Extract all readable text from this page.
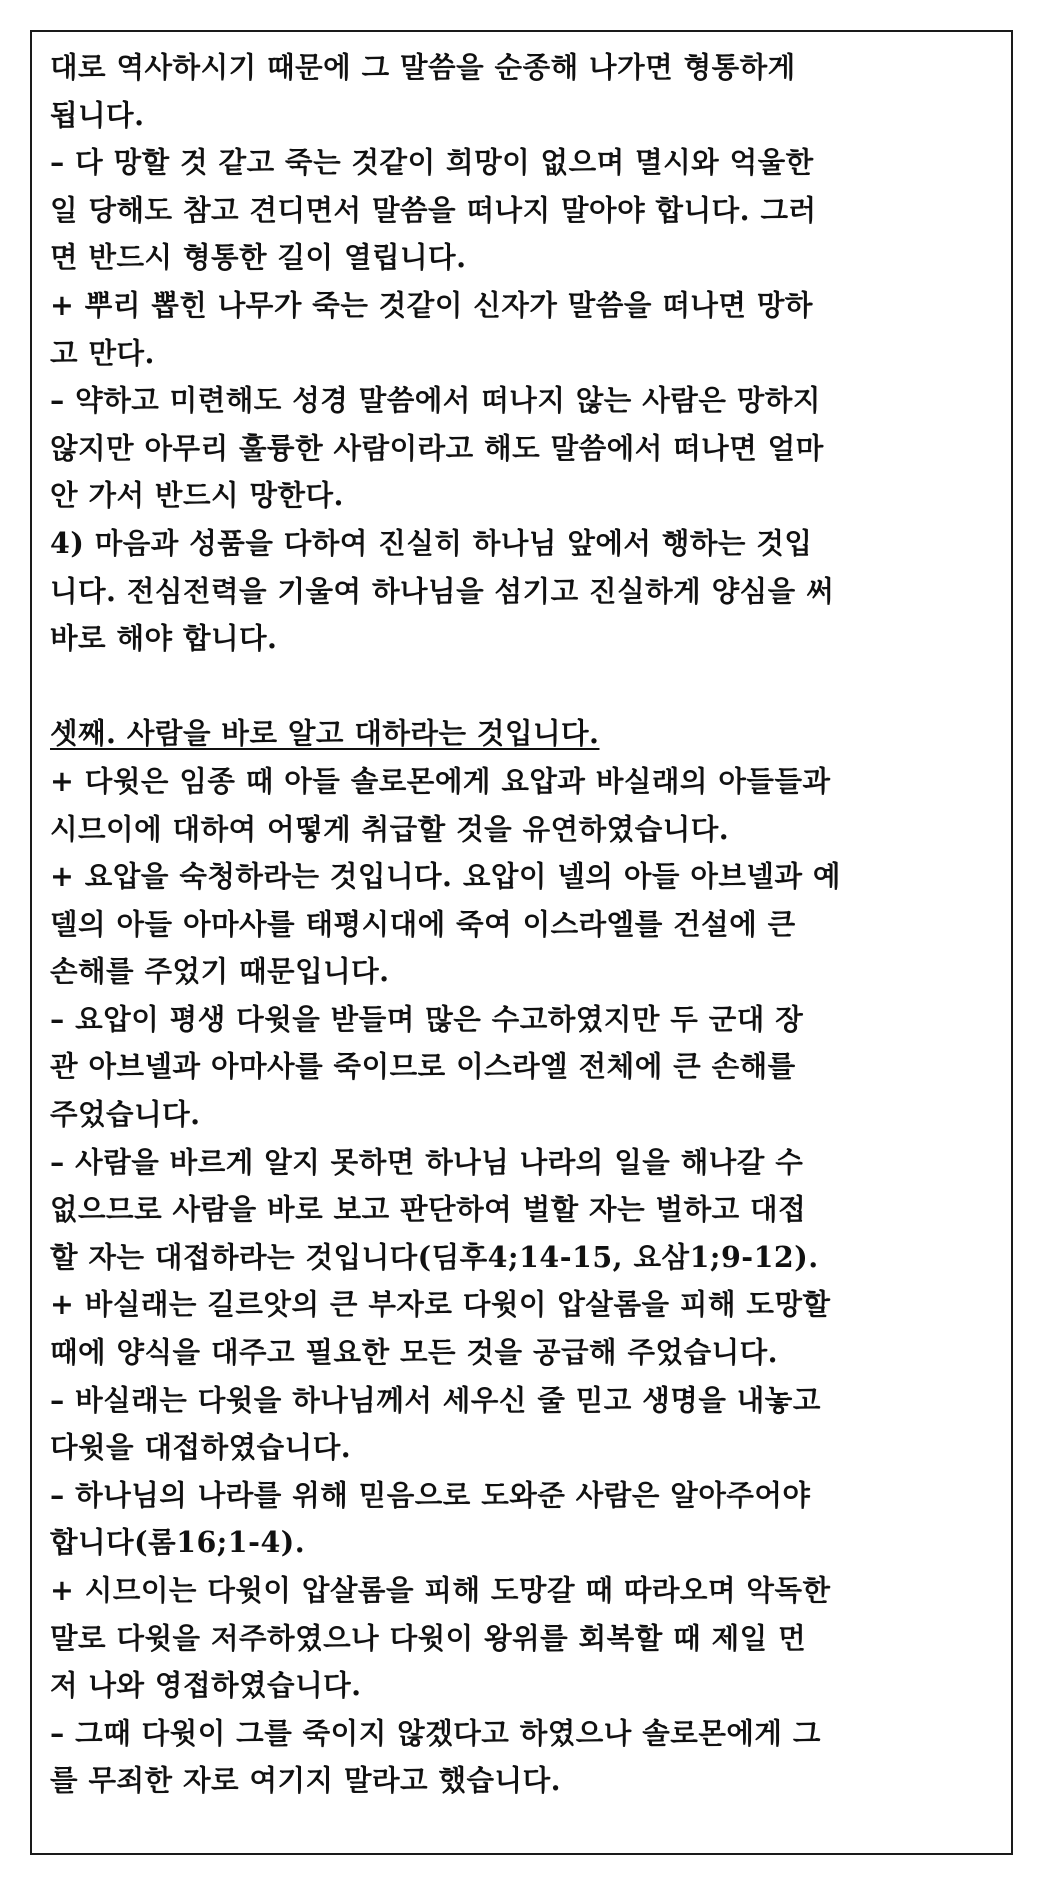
대로 역사하시기 때문에 그 말씀을 순종해 나가면 형통하게
됩니다.
– 다 망할 것 같고 죽는 것같이 희망이 없으며 멸시와 억울한
일 당해도 참고 견디면서 말씀을 떠나지 말아야 합니다. 그러
면 반드시 형통한 길이 열립니다.
+ 뿌리 뽑힌 나무가 죽는 것같이 신자가 말씀을 떠나면 망하
고 만다.
– 약하고 미련해도 성경 말씀에서 떠나지 않는 사람은 망하지
않지만 아무리 훌륭한 사람이라고 해도 말씀에서 떠나면 얼마
안 가서 반드시 망한다.
4) 마음과 성품을 다하여 진실히 하나님 앞에서 행하는 것입
니다. 전심전력을 기울여 하나님을 섬기고 진실하게 양심을 써
바로 해야 합니다.
셋째. 사람을 바로 알고 대하라는 것입니다.
+ 다윗은 임종 때 아들 솔로몬에게 요압과 바실래의 아들들과
시므이에 대하여 어떻게 취급할 것을 유연하였습니다.
+ 요압을 숙청하라는 것입니다. 요압이 넬의 아들 아브넬과 예
델의 아들 아마사를 태평시대에 죽여 이스라엘를 건설에 큰
손해를 주었기 때문입니다.
– 요압이 평생 다윗을 받들며 많은 수고하였지만 두 군대 장
관 아브넬과 아마사를 죽이므로 이스라엘 전체에 큰 손해를
주었습니다.
– 사람을 바르게 알지 못하면 하나님 나라의 일을 해나갈 수
없으므로 사람을 바로 보고 판단하여 벌할 자는 벌하고 대접
할 자는 대접하라는 것입니다(딤후4;14-15, 요삼1;9-12).
+ 바실래는 길르앗의 큰 부자로 다윗이 압살롬을 피해 도망할
때에 양식을 대주고 필요한 모든 것을 공급해 주었습니다.
– 바실래는 다윗을 하나님께서 세우신 줄 믿고 생명을 내놓고
다윗을 대접하였습니다.
– 하나님의 나라를 위해 믿음으로 도와준 사람은 알아주어야
합니다(롬16;1-4).
+ 시므이는 다윗이 압살롬을 피해 도망갈 때 따라오며 악독한
말로 다윗을 저주하였으나 다윗이 왕위를 회복할 때 제일 먼
저 나와 영접하였습니다.
– 그때 다윗이 그를 죽이지 않겠다고 하였으나 솔로몬에게 그
를 무죄한 자로 여기지 말라고 했습니다.
